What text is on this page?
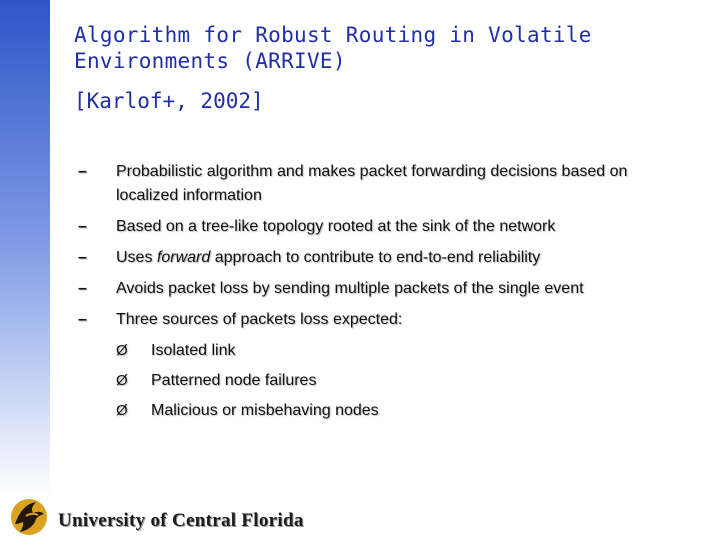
Algorithm for Robust Routing in Volatile
Environments (ARRIVE)
[Karlof+, 2002]
– Probabilistic algorithm and makes packet forwarding decisions based on
localized information
– Based on a tree-like topology rooted at the sink of the network
– Uses forward approach to contribute to end-to-end reliability
– Avoids packet loss by sending multiple packets of the single event
– Three sources of packets loss expected:
Ø Isolated link
Ø Patterned node failures
Ø Malicious or misbehaving nodes
University of Central Florida
